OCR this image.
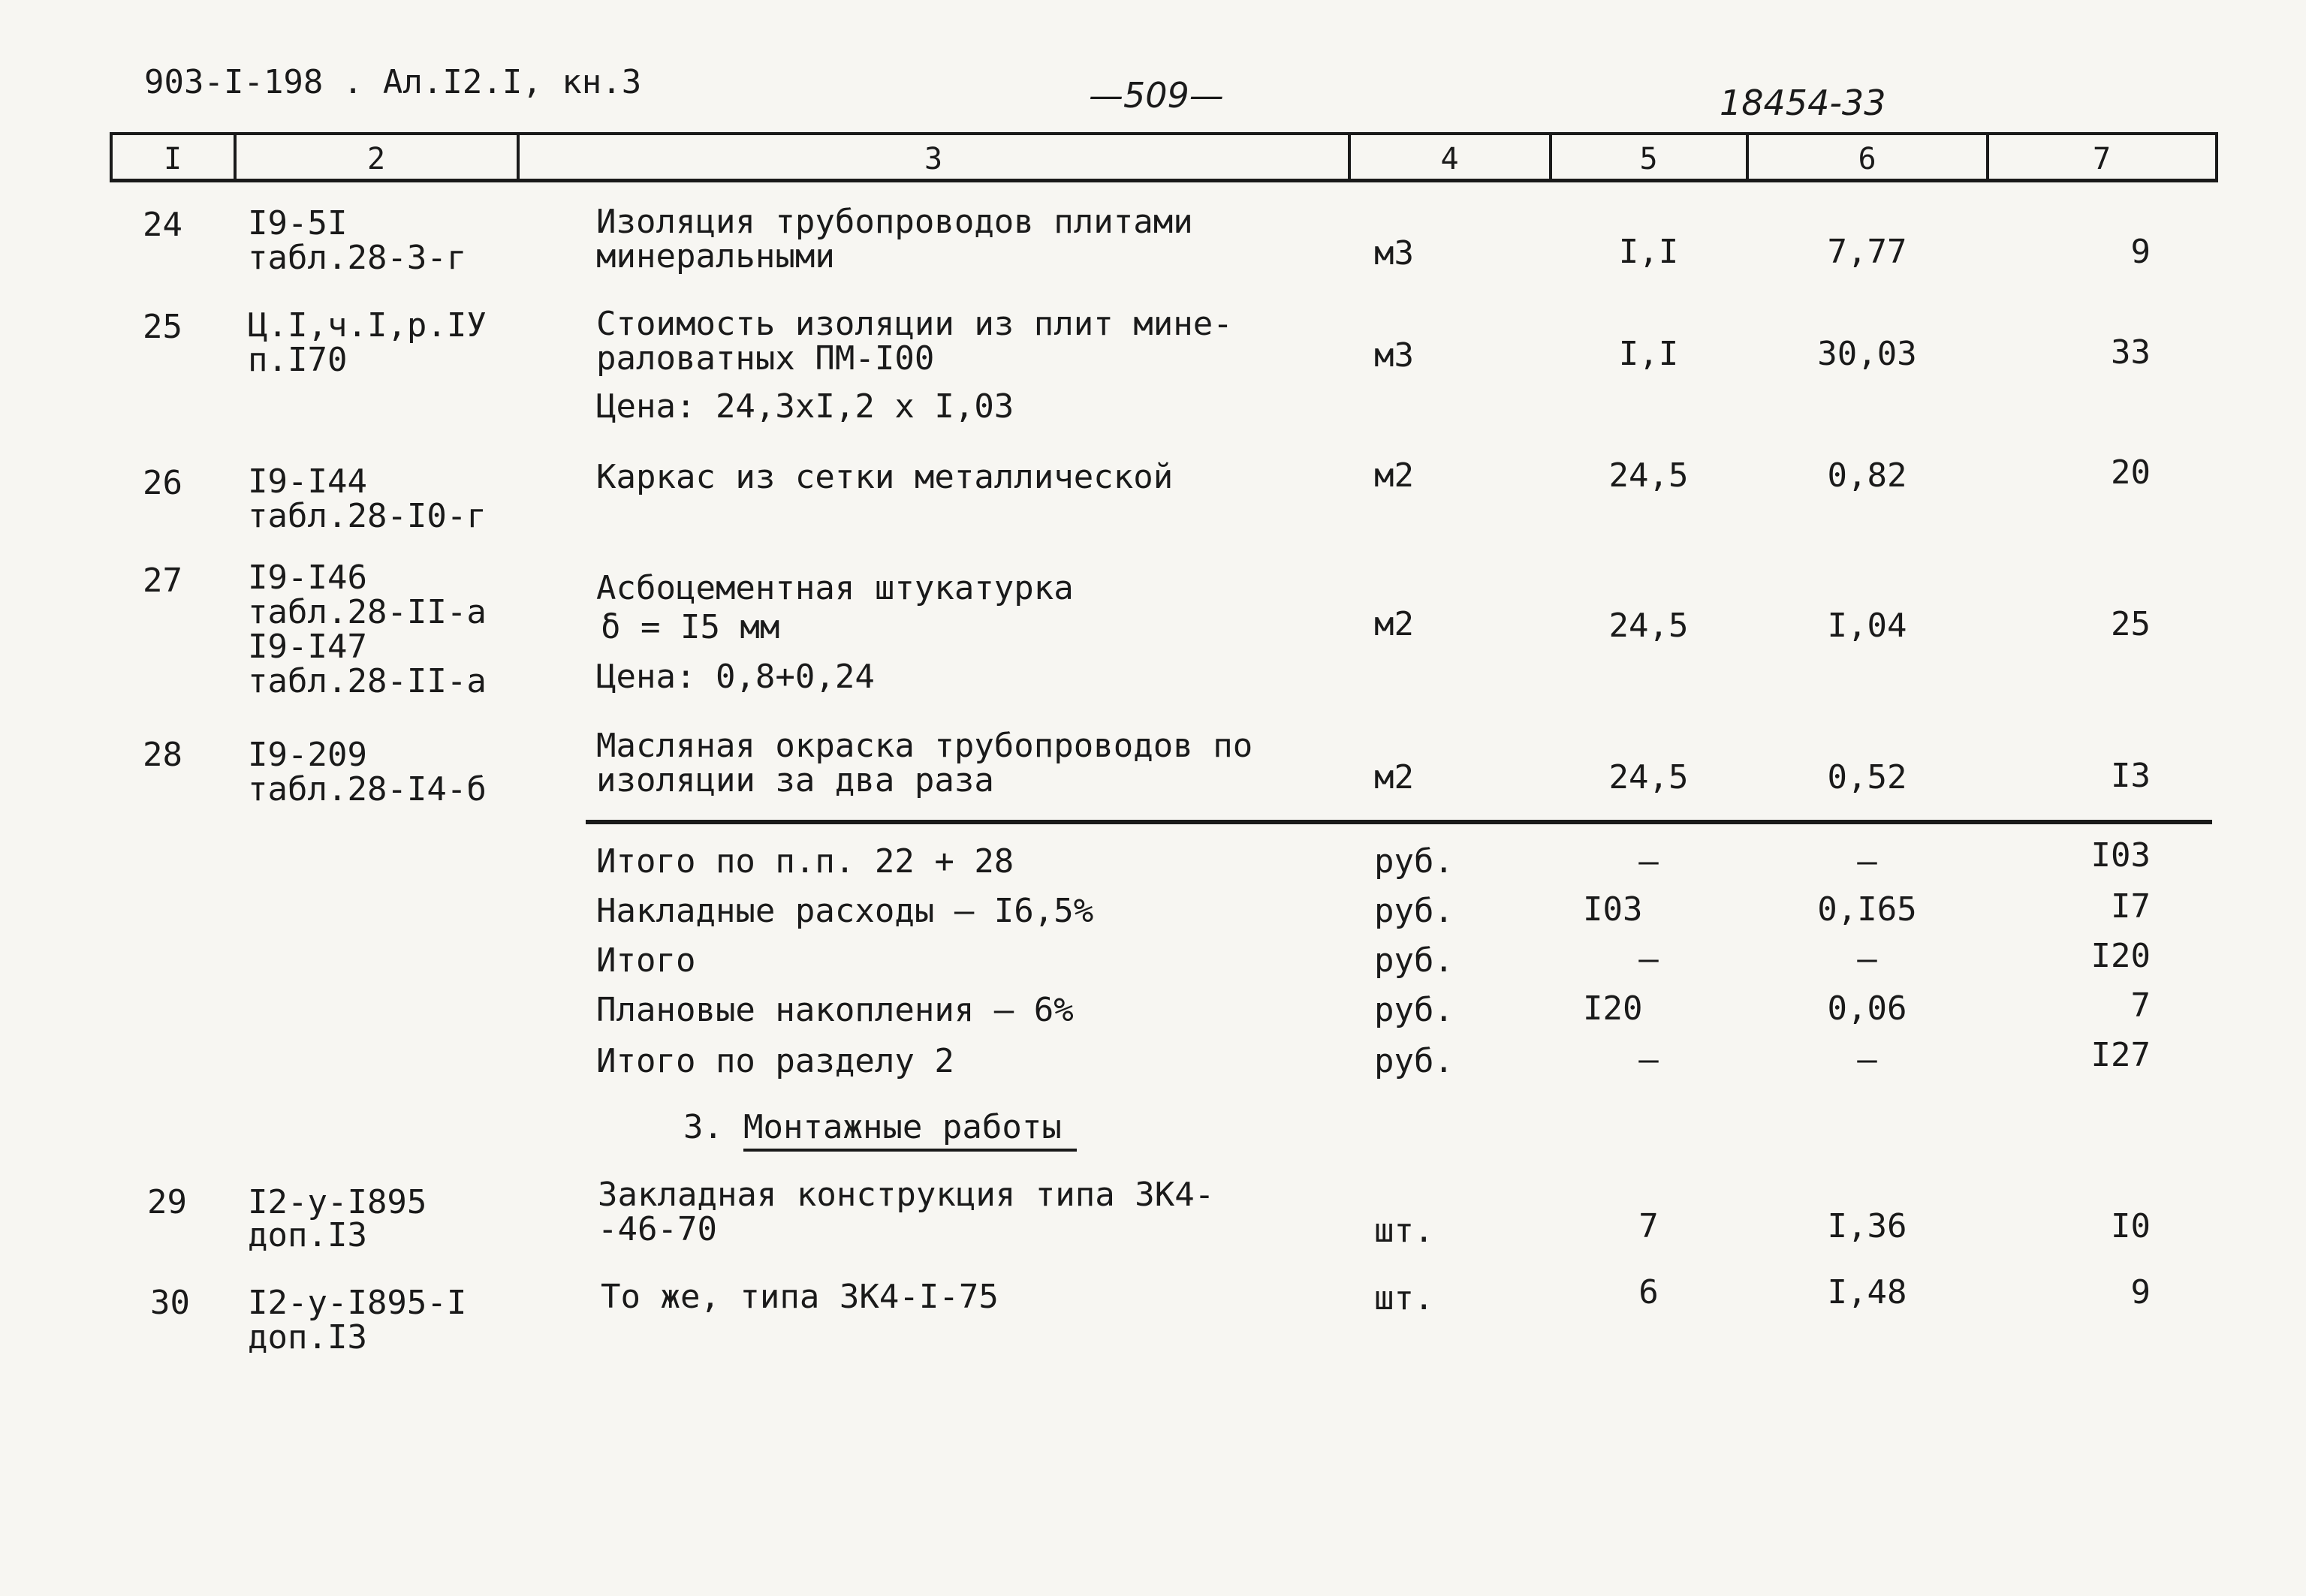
903-I-198 . Ал.I2.I, кн.3	—509—	18454-33
I	2	3	4	5	6	7
24 I9-5I
табл.28-3-г
Изоляция трубопроводов плитами
минеральными	м3	I,I	7,77	9
25 Ц.I,ч.I,р.IУ
п.I70
Стоимость изоляции из плит мине-
раловатных ПМ-I00
Цена: 24,3хI,2 х I,03
м3	I,I	30,03	33
26 I9-I44
табл.28-I0-г
Каркас из сетки металлической	м2	24,5	0,82	20
27 I9-I46
табл.28-II-а
I9-I47
табл.28-II-а
Асбоцементная штукатурка
δ = I5 мм
Цена: 0,8+0,24
м2	24,5	I,04	25
28 I9-209
табл.28-I4-б
Масляная окраска трубопроводов по
изоляции за два раза	м2	24,5	0,52	I3
Итого по п.п. 22 + 28	руб.	–	–	I03
Накладные расходы – I6,5%	руб.	I03	0,I65	I7
Итого	руб.	–	–	I20
Плановые накопления – 6%	руб.	I20	0,06	7
Итого по разделу 2	руб.	–	–	I27
3. Монтажные работы
29 I2-у-I895
доп.I3
Закладная конструкция типа ЗК4-
-46-70	шт.	7	I,36	I0
30 I2-у-I895-I
доп.I3
То же, типа ЗК4-I-75	шт.	6	I,48	9
